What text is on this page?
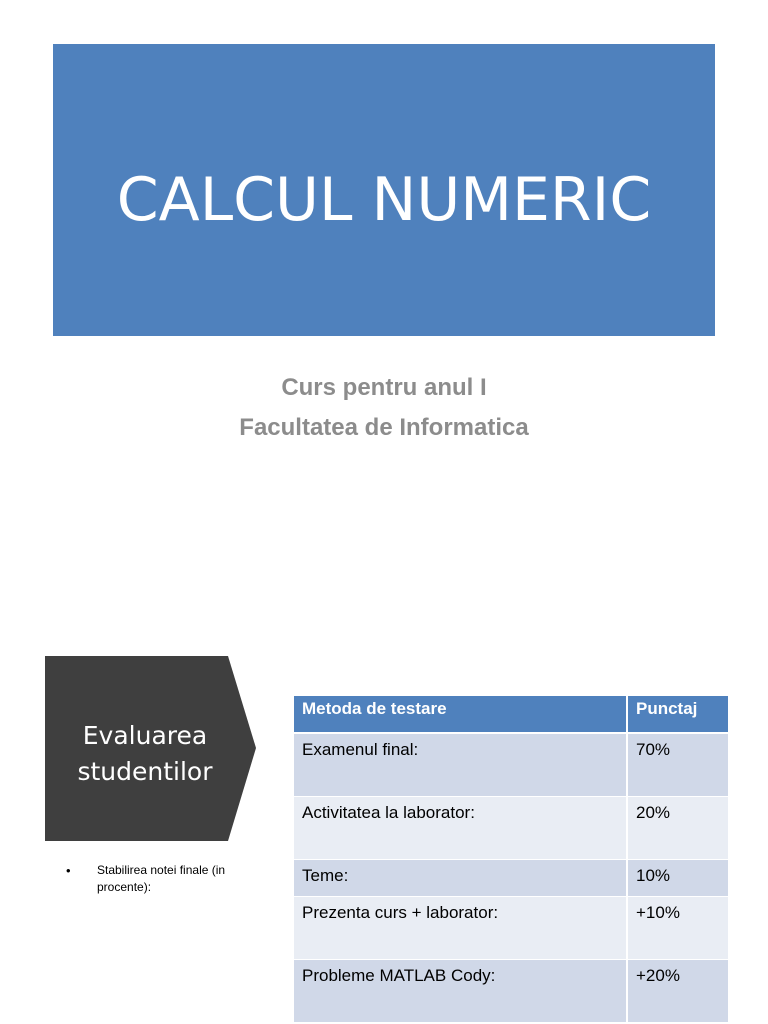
CALCUL NUMERIC
Curs pentru anul I
Facultatea de Informatica
Evaluarea
studentilor
• Stabilirea notei finale (in procente):
Metoda de testare	Punctaj
Examenul final:	70%
Activitatea la laborator:	20%
Teme:	10%
Prezenta curs + laborator:	+10%
Probleme MATLAB Cody:	+20%
